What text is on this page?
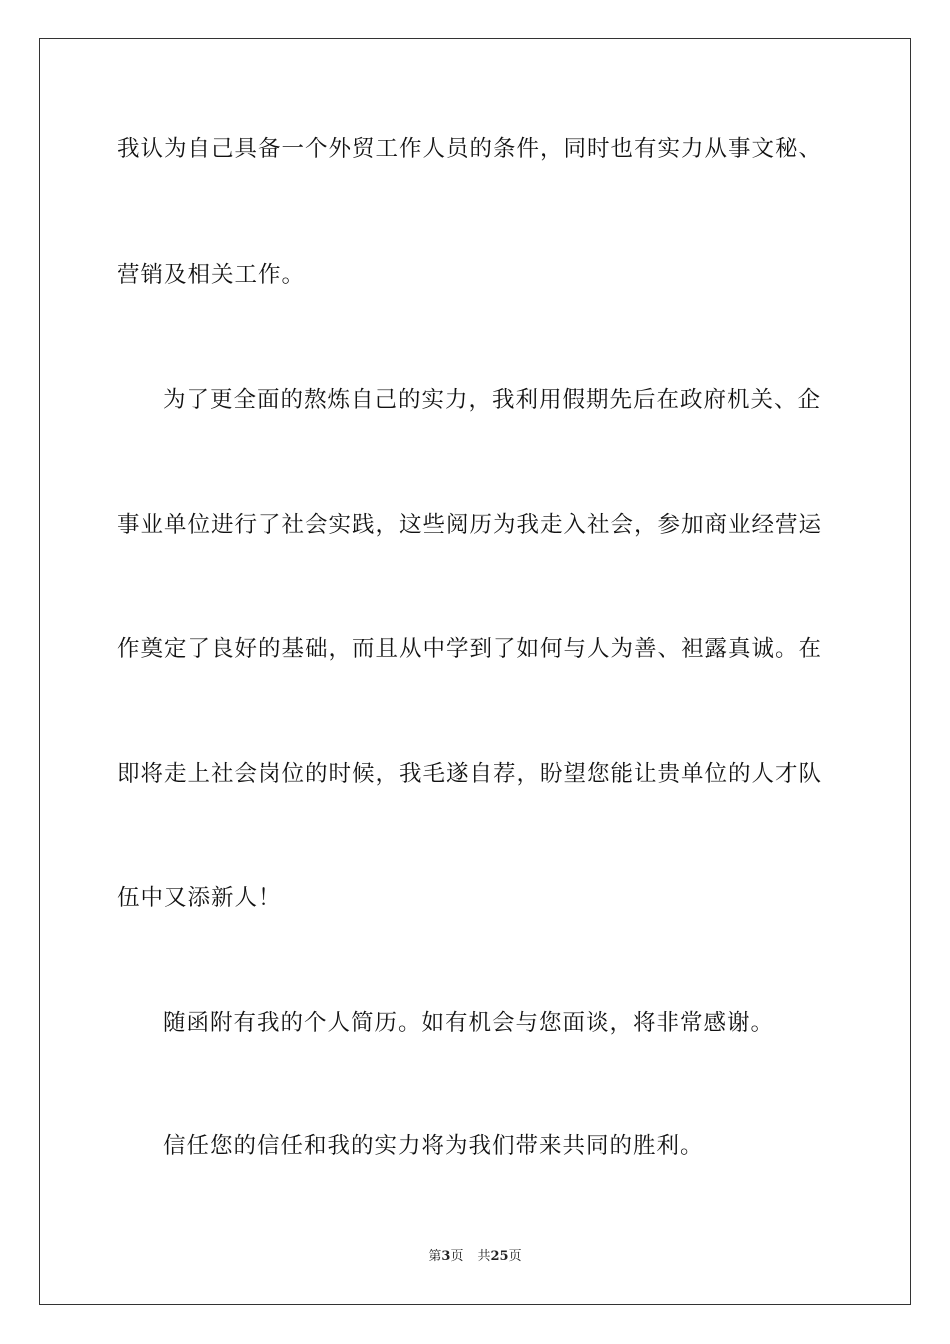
我认为自己具备一个外贸工作人员的条件，同时也有实力从事文秘、
营销及相关工作。
为了更全面的熬炼自己的实力，我利用假期先后在政府机关、企
事业单位进行了社会实践，这些阅历为我走入社会，参加商业经营运
作奠定了良好的基础，而且从中学到了如何与人为善、袒露真诚。在
即将走上社会岗位的时候，我毛遂自荐，盼望您能让贵单位的人才队
伍中又添新人！
随函附有我的个人简历。如有机会与您面谈，将非常感谢。
信任您的信任和我的实力将为我们带来共同的胜利。
第3页 共25页
